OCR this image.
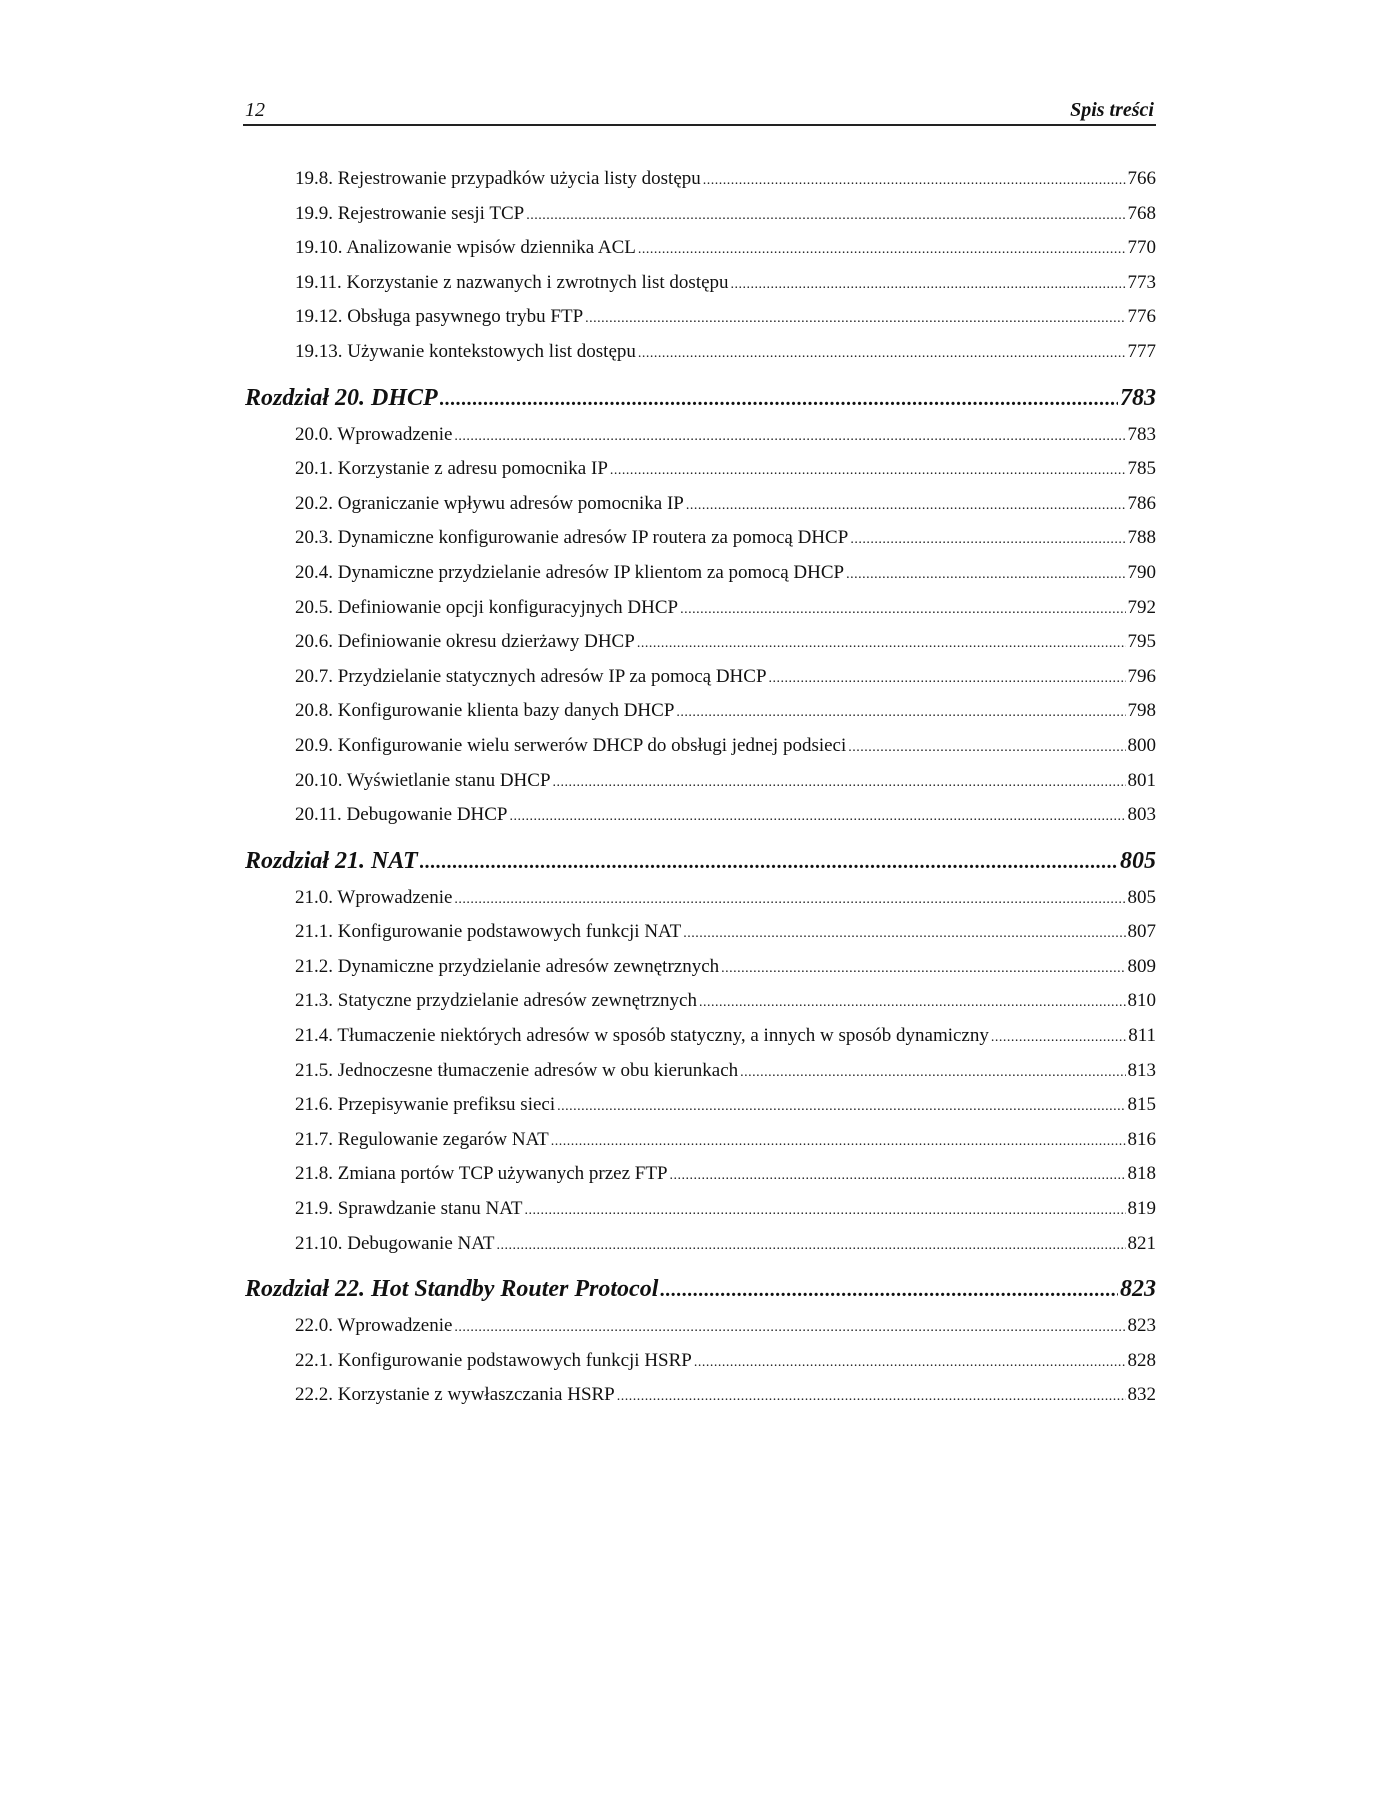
12	Spis treści
19.8. Rejestrowanie przypadków użycia listy dostępu .....	766
19.9. Rejestrowanie sesji TCP .....	768
19.10. Analizowanie wpisów dziennika ACL .....	770
19.11. Korzystanie z nazwanych i zwrotnych list dostępu .....	773
19.12. Obsługa pasywnego trybu FTP .....	776
19.13. Używanie kontekstowych list dostępu .....	777
Rozdział 20. DHCP .....	783
20.0. Wprowadzenie .....	783
20.1. Korzystanie z adresu pomocnika IP .....	785
20.2. Ograniczanie wpływu adresów pomocnika IP .....	786
20.3. Dynamiczne konfigurowanie adresów IP routera za pomocą DHCP .....	788
20.4. Dynamiczne przydzielanie adresów IP klientom za pomocą DHCP .....	790
20.5. Definiowanie opcji konfiguracyjnych DHCP .....	792
20.6. Definiowanie okresu dzierżawy DHCP .....	795
20.7. Przydzielanie statycznych adresów IP za pomocą DHCP .....	796
20.8. Konfigurowanie klienta bazy danych DHCP .....	798
20.9. Konfigurowanie wielu serwerów DHCP do obsługi jednej podsieci .....	800
20.10. Wyświetlanie stanu DHCP .....	801
20.11. Debugowanie DHCP .....	803
Rozdział 21. NAT .....	805
21.0. Wprowadzenie .....	805
21.1. Konfigurowanie podstawowych funkcji NAT .....	807
21.2. Dynamiczne przydzielanie adresów zewnętrznych .....	809
21.3. Statyczne przydzielanie adresów zewnętrznych .....	810
21.4. Tłumaczenie niektórych adresów w sposób statyczny, a innych w sposób dynamiczny .....	811
21.5. Jednoczesne tłumaczenie adresów w obu kierunkach .....	813
21.6. Przepisywanie prefiksu sieci .....	815
21.7. Regulowanie zegarów NAT .....	816
21.8. Zmiana portów TCP używanych przez FTP .....	818
21.9. Sprawdzanie stanu NAT .....	819
21.10. Debugowanie NAT .....	821
Rozdział 22. Hot Standby Router Protocol .....	823
22.0. Wprowadzenie .....	823
22.1. Konfigurowanie podstawowych funkcji HSRP .....	828
22.2. Korzystanie z wywłaszczania HSRP .....	832
